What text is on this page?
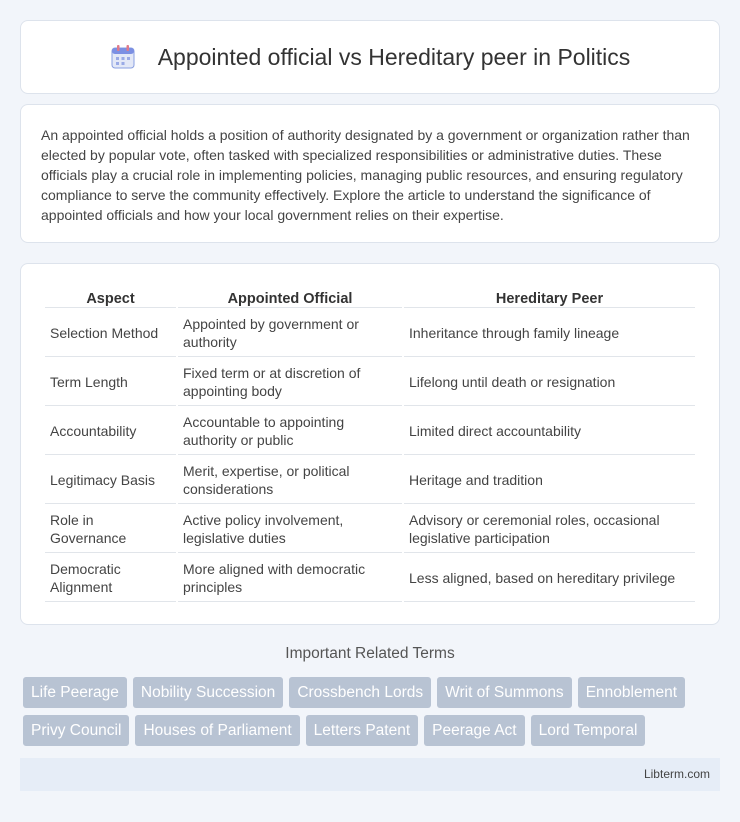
Appointed official vs Hereditary peer in Politics

An appointed official holds a position of authority designated by a government or organization rather than elected by popular vote, often tasked with specialized responsibilities or administrative duties. These officials play a crucial role in implementing policies, managing public resources, and ensuring regulatory compliance to serve the community effectively. Explore the article to understand the significance of appointed officials and how your local government relies on their expertise.

Aspect	Appointed Official	Hereditary Peer
Selection Method	Appointed by government or authority	Inheritance through family lineage
Term Length	Fixed term or at discretion of appointing body	Lifelong until death or resignation
Accountability	Accountable to appointing authority or public	Limited direct accountability
Legitimacy Basis	Merit, expertise, or political considerations	Heritage and tradition
Role in Governance	Active policy involvement, legislative duties	Advisory or ceremonial roles, occasional legislative participation
Democratic Alignment	More aligned with democratic principles	Less aligned, based on hereditary privilege
Important Related Terms
Life Peerage	Nobility Succession	Crossbench Lords	Writ of Summons	Ennoblement
Privy Council	Houses of Parliament	Letters Patent	Peerage Act	Lord Temporal
Libterm.com
